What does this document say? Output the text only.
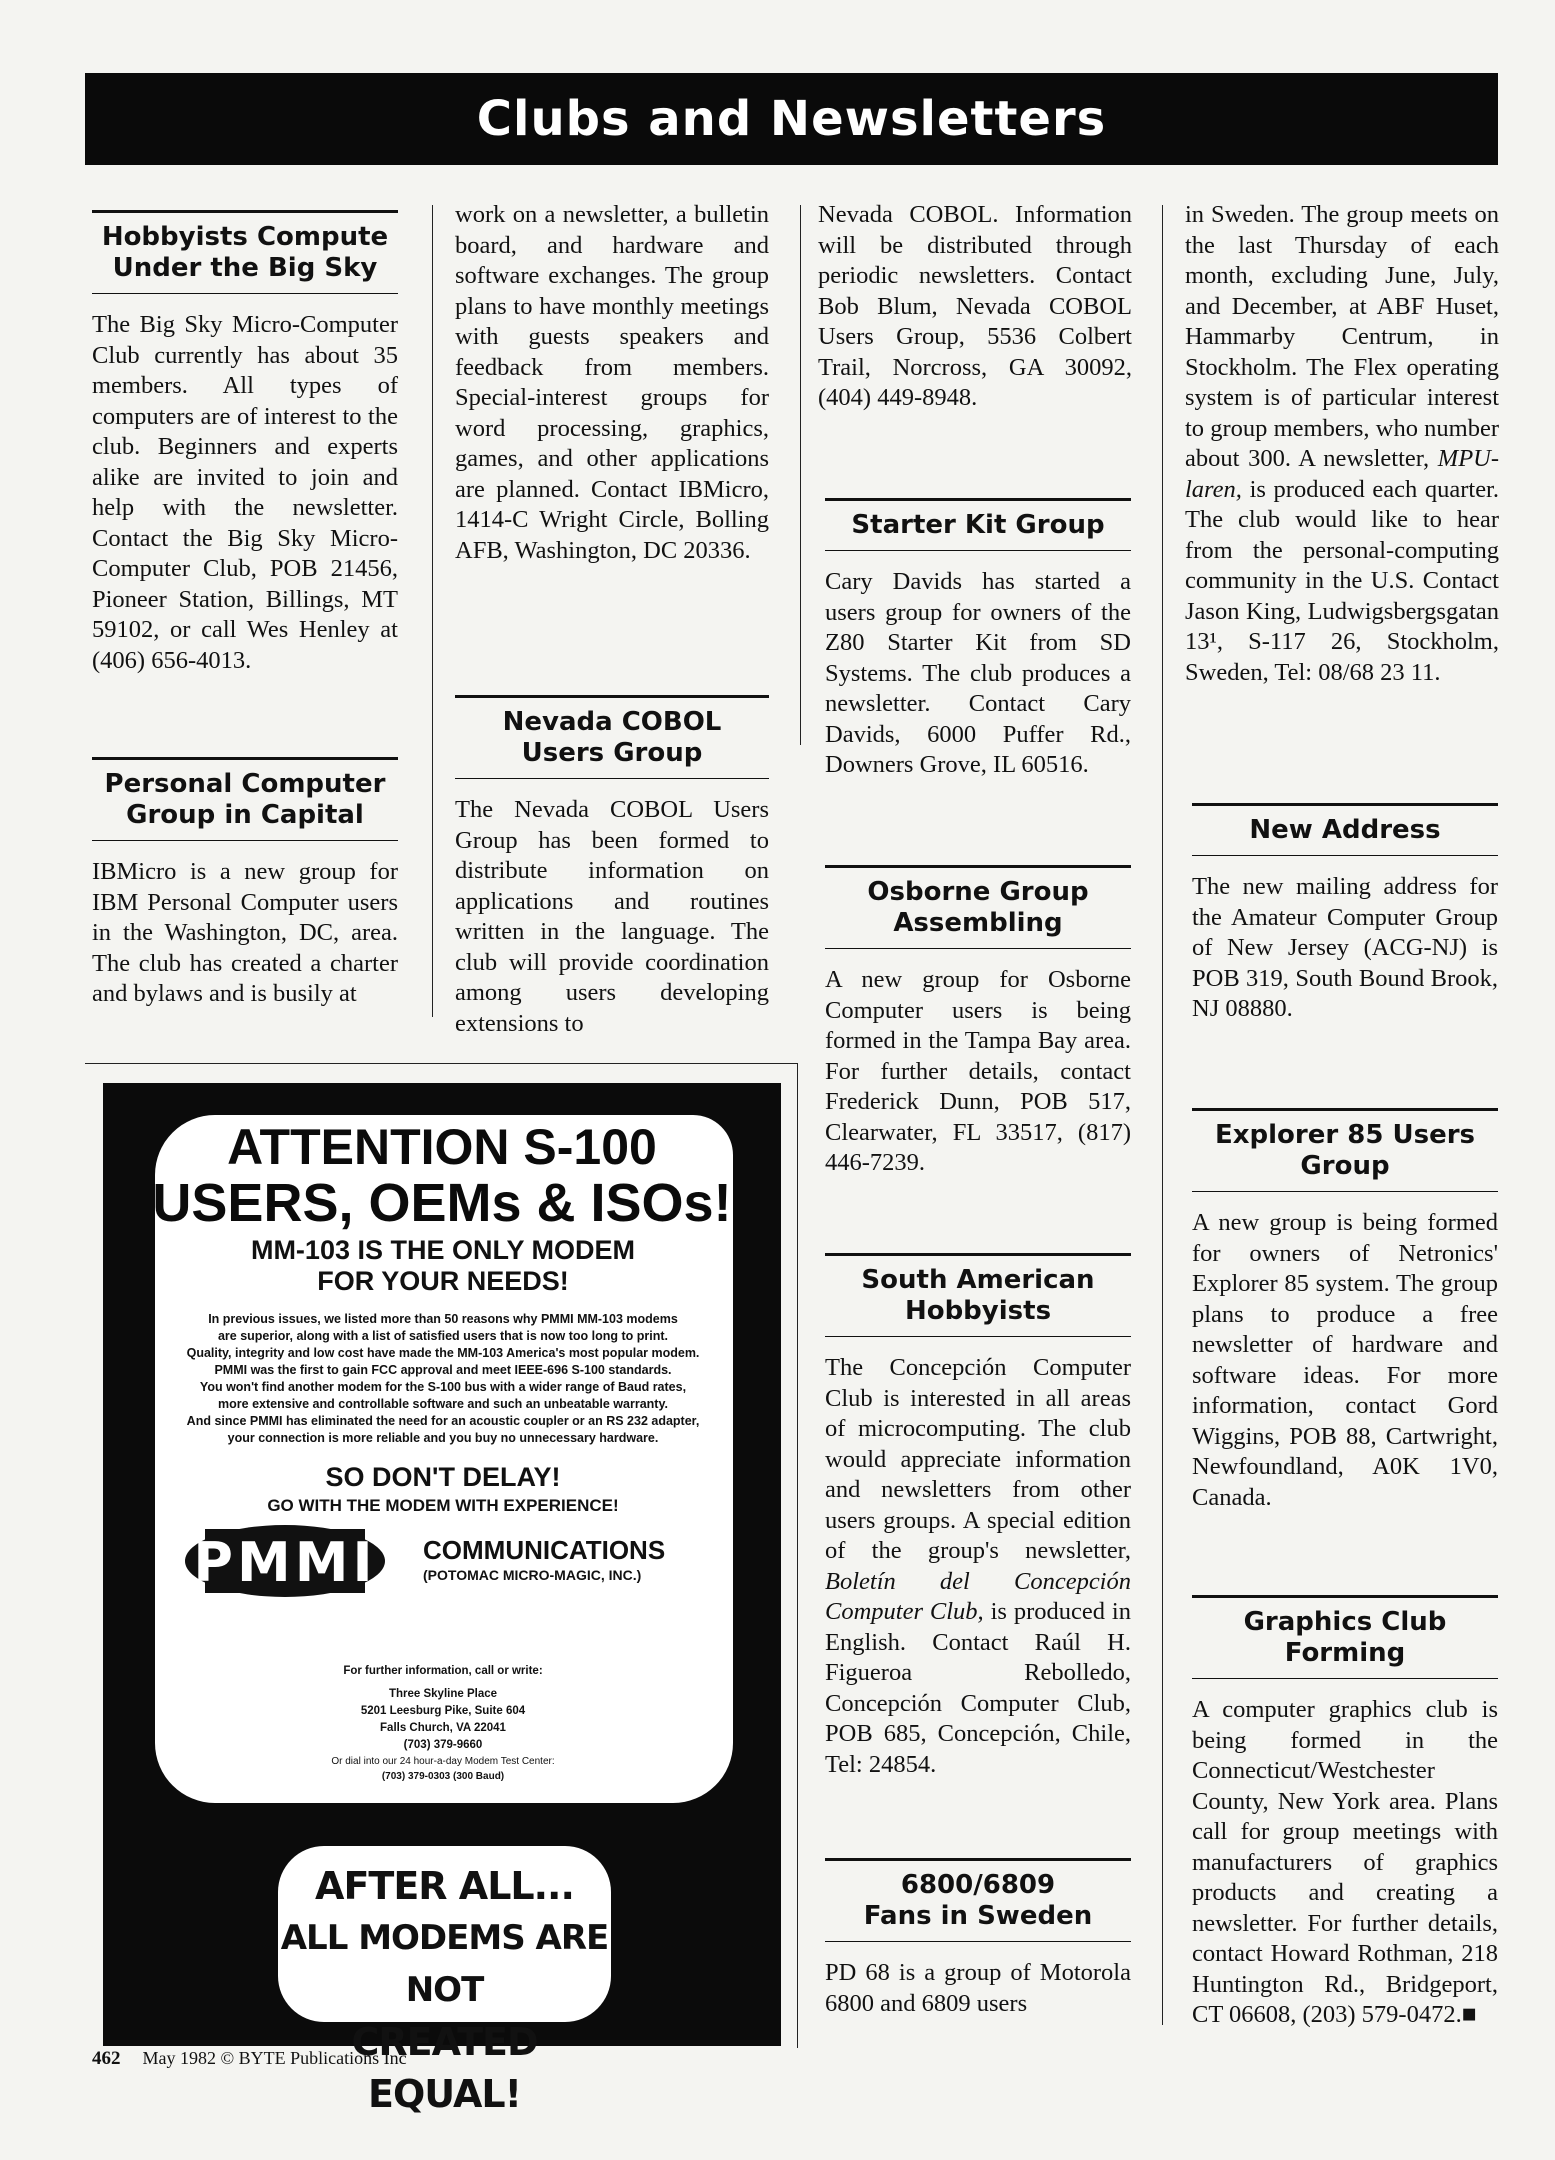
Clubs and Newsletters
Hobbyists Compute
Under the Big Sky
The Big Sky Micro-Computer Club currently has about 35 members. All types of computers are of interest to the club. Beginners and experts alike are invited to join and help with the newsletter. Contact the Big Sky Micro-Computer Club, POB 21456, Pioneer Station, Billings, MT 59102, or call Wes Henley at (406) 656-4013.
Personal Computer
Group in Capital
IBMicro is a new group for IBM Personal Computer users in the Washington, DC, area. The club has created a charter and bylaws and is busily at
work on a newsletter, a bulletin board, and hardware and software exchanges. The group plans to have monthly meetings with guests speakers and feedback from members. Special-interest groups for word processing, graphics, games, and other applications are planned. Contact IBMicro, 1414-C Wright Circle, Bolling AFB, Washington, DC 20336.
Nevada COBOL
Users Group
The Nevada COBOL Users Group has been formed to distribute information on applications and routines written in the language. The club will provide coordination among users developing extensions to
Nevada COBOL. Information will be distributed through periodic newsletters. Contact Bob Blum, Nevada COBOL Users Group, 5536 Colbert Trail, Norcross, GA 30092, (404) 449-8948.
Starter Kit Group
Cary Davids has started a users group for owners of the Z80 Starter Kit from SD Systems. The club produces a newsletter. Contact Cary Davids, 6000 Puffer Rd., Downers Grove, IL 60516.
Osborne Group
Assembling
A new group for Osborne Computer users is being formed in the Tampa Bay area. For further details, contact Frederick Dunn, POB 517, Clearwater, FL 33517, (817) 446-7239.
South American
Hobbyists
The Concepción Computer Club is interested in all areas of microcomputing. The club would appreciate information and newsletters from other users groups. A special edition of the group's newsletter, Boletín del Concepción Computer Club, is produced in English. Contact Raúl H. Figueroa Rebolledo, Concepción Computer Club, POB 685, Concepción, Chile, Tel: 24854.
6800/6809
Fans in Sweden
PD 68 is a group of Motorola 6800 and 6809 users
in Sweden. The group meets on the last Thursday of each month, excluding June, July, and December, at ABF Huset, Hammarby Centrum, in Stockholm. The Flex operating system is of particular interest to group members, who number about 300. A newsletter, MPU-laren, is produced each quarter. The club would like to hear from the personal-computing community in the U.S. Contact Jason King, Ludwigsbergsgatan 13¹, S-117 26, Stockholm, Sweden, Tel: 08/68 23 11.
New Address
The new mailing address for the Amateur Computer Group of New Jersey (ACG-NJ) is POB 319, South Bound Brook, NJ 08880.
Explorer 85 Users
Group
A new group is being formed for owners of Netronics' Explorer 85 system. The group plans to produce a free newsletter of hardware and software ideas. For more information, contact Gord Wiggins, POB 88, Cartwright, Newfoundland, A0K 1V0, Canada.
Graphics Club
Forming
A computer graphics club is being formed in the Connecticut/Westchester County, New York area. Plans call for group meetings with manufacturers of graphics products and creating a newsletter. For further details, contact Howard Rothman, 218 Huntington Rd., Bridgeport, CT 06608, (203) 579-0472.■
ATTENTION S-100
USERS, OEMs & ISOs!
MM-103 IS THE ONLY MODEM
FOR YOUR NEEDS!
In previous issues, we listed more than 50 reasons why PMMI MM-103 modems
are superior, along with a list of satisfied users that is now too long to print.
Quality, integrity and low cost have made the MM-103 America's most popular modem.
PMMI was the first to gain FCC approval and meet IEEE-696 S-100 standards.
You won't find another modem for the S-100 bus with a wider range of Baud rates,
more extensive and controllable software and such an unbeatable warranty.
And since PMMI has eliminated the need for an acoustic coupler or an RS 232 adapter,
your connection is more reliable and you buy no unnecessary hardware.
SO DON'T DELAY!
GO WITH THE MODEM WITH EXPERIENCE!
PMMI COMMUNICATIONS
(POTOMAC MICRO-MAGIC, INC.)
For further information, call or write:
Three Skyline Place
5201 Leesburg Pike, Suite 604
Falls Church, VA 22041
(703) 379-9660
Or dial into our 24 hour-a-day Modem Test Center:
(703) 379-0303 (300 Baud)
AFTER ALL...
ALL MODEMS ARE NOT
CREATED EQUAL!
462 May 1982 © BYTE Publications Inc
